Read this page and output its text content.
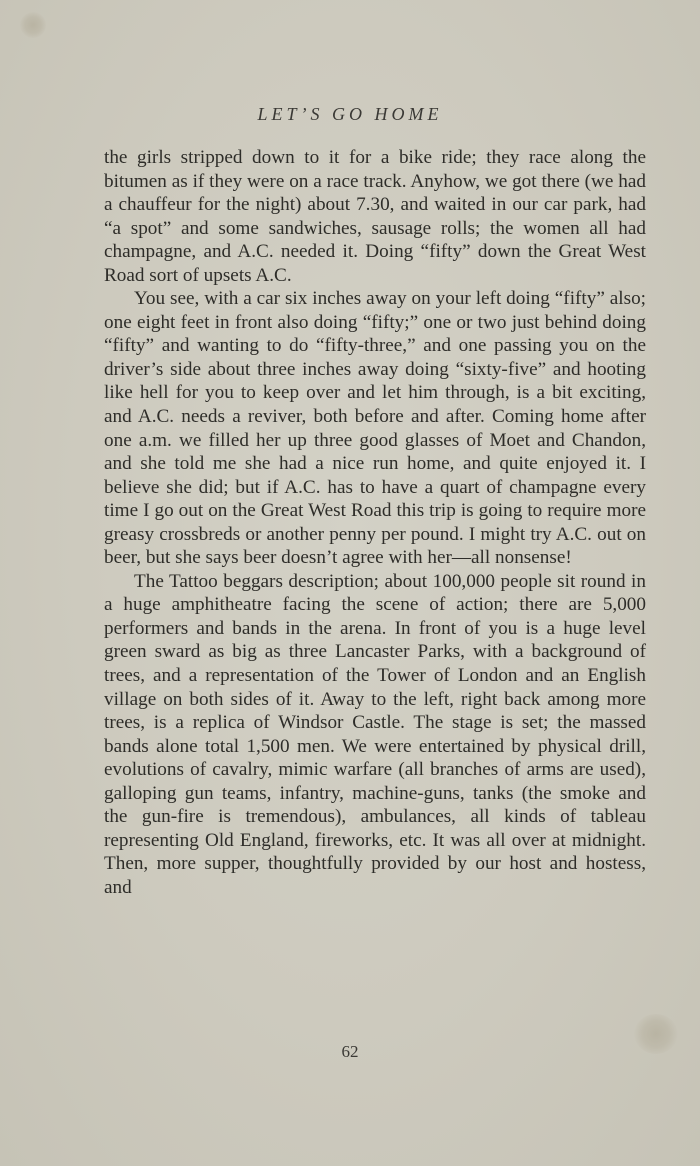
LET’S GO HOME

the girls stripped down to it for a bike ride; they race along the bitumen as if they were on a race track. Anyhow, we got there (we had a chauffeur for the night) about 7.30, and waited in our car park, had “a spot” and some sandwiches, sausage rolls; the women all had champagne, and A.C. needed it. Doing “fifty” down the Great West Road sort of upsets A.C.

You see, with a car six inches away on your left doing “fifty” also; one eight feet in front also doing “fifty;” one or two just behind doing “fifty” and wanting to do “fifty-three,” and one passing you on the driver’s side about three inches away doing “sixty-five” and hooting like hell for you to keep over and let him through, is a bit exciting, and A.C. needs a reviver, both before and after. Coming home after one a.m. we filled her up three good glasses of Moet and Chandon, and she told me she had a nice run home, and quite enjoyed it. I believe she did; but if A.C. has to have a quart of champagne every time I go out on the Great West Road this trip is going to require more greasy crossbreds or another penny per pound. I might try A.C. out on beer, but she says beer doesn’t agree with her—all nonsense!

The Tattoo beggars description; about 100,000 people sit round in a huge amphitheatre facing the scene of action; there are 5,000 performers and bands in the arena. In front of you is a huge level green sward as big as three Lancaster Parks, with a background of trees, and a representation of the Tower of London and an English village on both sides of it. Away to the left, right back among more trees, is a replica of Windsor Castle. The stage is set; the massed bands alone total 1,500 men. We were entertained by physical drill, evolutions of cavalry, mimic warfare (all branches of arms are used), galloping gun teams, infantry, machine-guns, tanks (the smoke and the gun-fire is tremendous), ambulances, all kinds of tableau representing Old England, fireworks, etc. It was all over at midnight. Then, more supper, thoughtfully provided by our host and hostess, and

62
